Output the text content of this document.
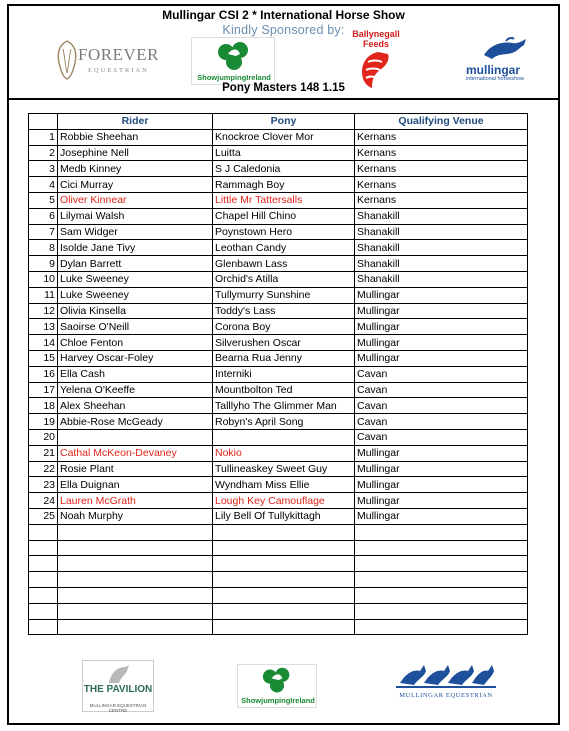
Mullingar CSI 2 * International Horse Show
Kindly Sponsored by:
FOREVER
EQUESTRIAN
ShowjumpingIreland
Ballynegall Feeds
mullingar
international horseshow
Pony Masters 148 1.15
	Rider	Pony	Qualifying Venue
1	Robbie Sheehan	Knockroe Clover Mor	Kernans
2	Josephine Nell	Luitta	Kernans
3	Medb Kinney	S J Caledonia	Kernans
4	Cici Murray	Rammagh Boy	Kernans
5	Oliver Kinnear	Little Mr Tattersalls	Kernans
6	Lilymai Walsh	Chapel Hill Chino	Shanakill
7	Sam Widger	Poynstown Hero	Shanakill
8	Isolde Jane Tivy	Leothan Candy	Shanakill
9	Dylan Barrett	Glenbawn Lass	Shanakill
10	Luke Sweeney	Orchid's Atilla	Shanakill
11	Luke Sweeney	Tullymurry Sunshine	Mullingar
12	Olivia Kinsella	Toddy's Lass	Mullingar
13	Saoirse O'Neill	Corona Boy	Mullingar
14	Chloe Fenton	Silverushen Oscar	Mullingar
15	Harvey Oscar-Foley	Bearna Rua Jenny	Mullingar
16	Ella Cash	Interniki	Cavan
17	Yelena O'Keeffe	Mountbolton Ted	Cavan
18	Alex Sheehan	Talllyho The Glimmer Man	Cavan
19	Abbie-Rose McGeady	Robyn's April Song	Cavan
20			Cavan
21	Cathal McKeon-Devaney	Nokio	Mullingar
22	Rosie Plant	Tullineaskey Sweet Guy	Mullingar
23	Ella Duignan	Wyndham Miss Ellie	Mullingar
24	Lauren McGrath	Lough Key Camouflage	Mullingar
25	Noah Murphy	Lily Bell Of Tullykittagh	Mullingar

THE PAVILION
MULLINGAR EQUESTRIAN CENTRE
ShowjumpingIreland
MULLINGAR EQUESTRIAN
